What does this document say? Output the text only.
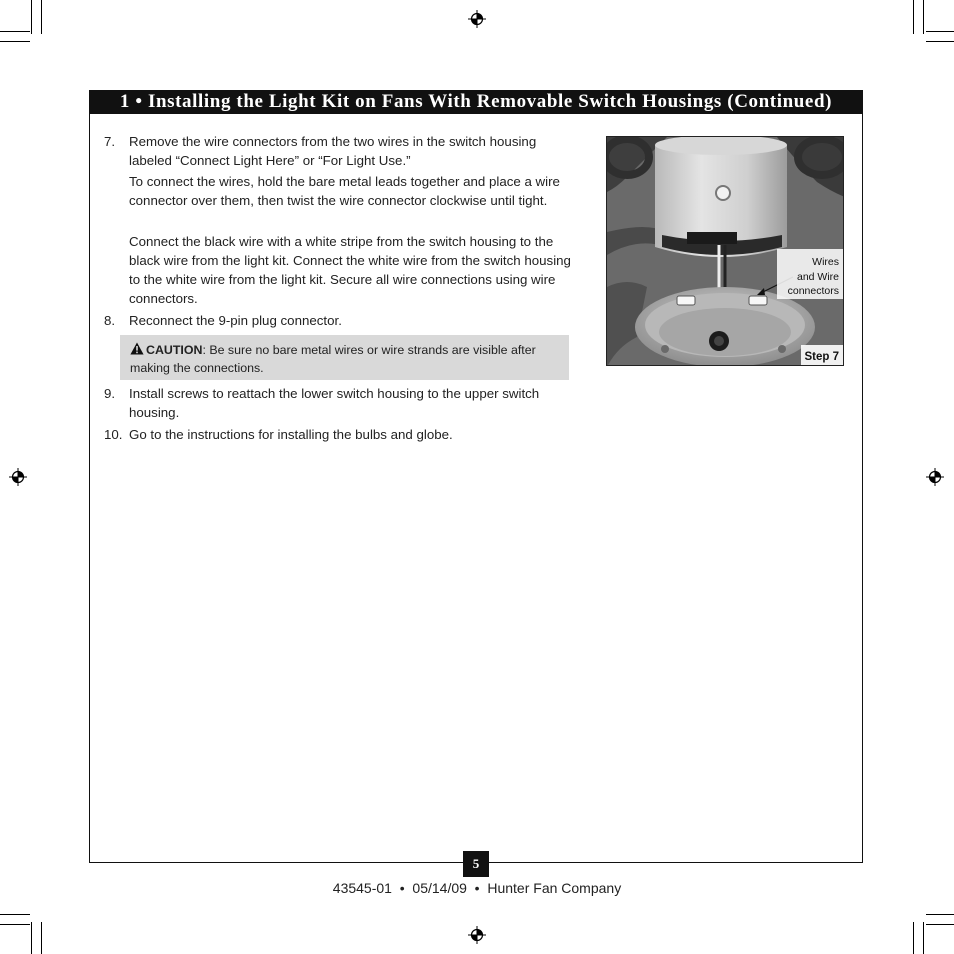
1 • Installing the Light Kit on Fans With Removable Switch Housings (Continued)
7. Remove the wire connectors from the two wires in the switch housing labeled “Connect Light Here” or “For Light Use.”
To connect the wires, hold the bare metal leads together and place a wire connector over them, then twist the wire connector clockwise until tight.
Connect the black wire with a white stripe from the switch housing to the black wire from the light kit. Connect the white wire from the switch housing to the white wire from the light kit. Secure all wire connections using wire connectors.
8. Reconnect the 9-pin plug connector.
CAUTION: Be sure no bare metal wires or wire strands are visible after making the connections.
9. Install screws to reattach the lower switch housing to the upper switch housing.
10. Go to the instructions for installing the bulbs and globe.
Wires
and Wire
connectors
Step 7
5
43545-01  •  05/14/09  •  Hunter Fan Company
